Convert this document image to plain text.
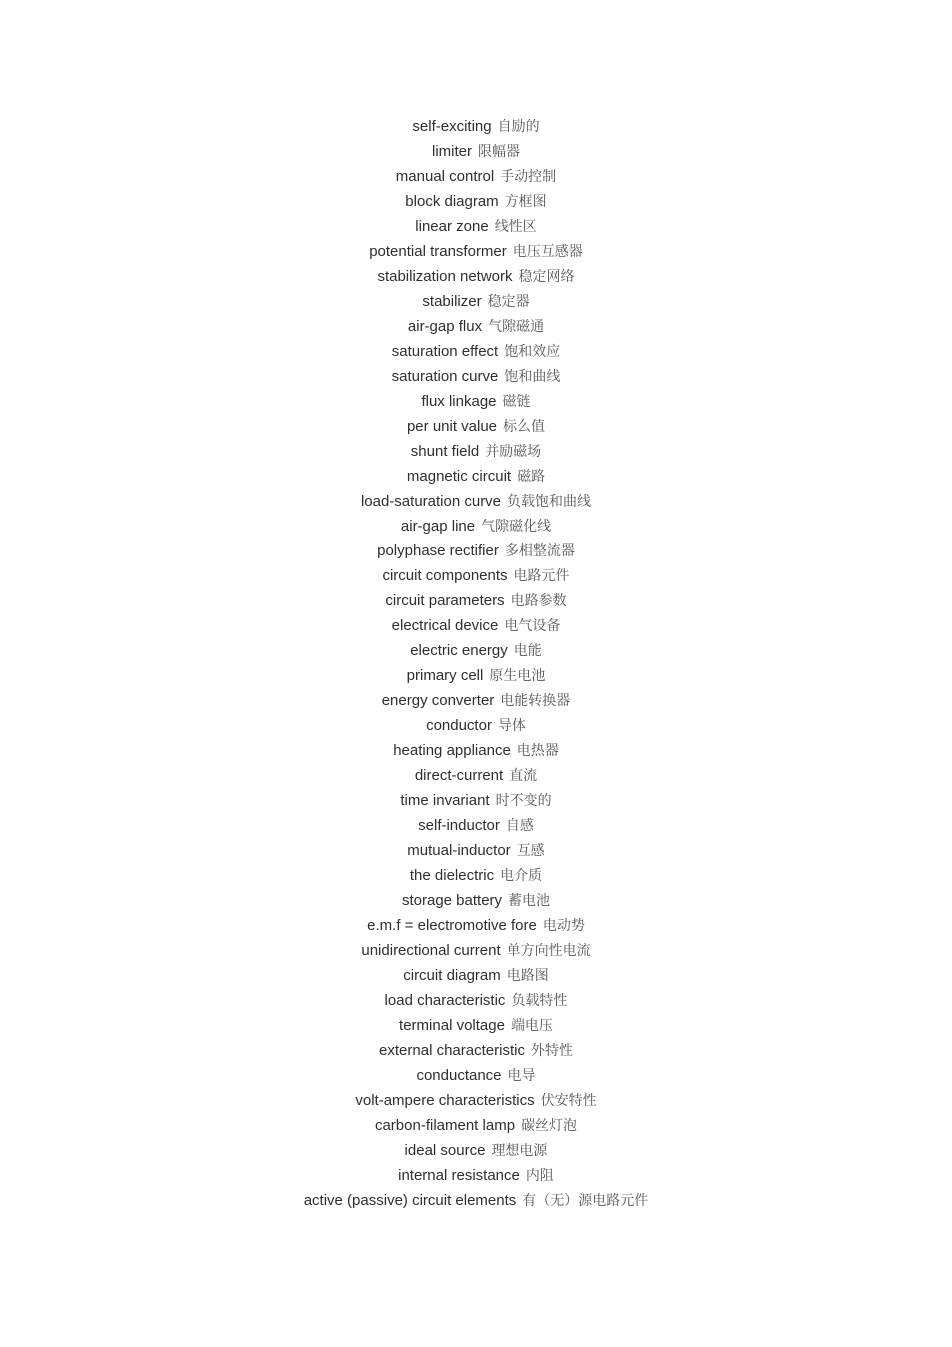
self-exciting 自励的
limiter 限幅器
manual control 手动控制
block diagram 方框图
linear zone 线性区
potential transformer 电压互感器
stabilization network 稳定网络
stabilizer 稳定器
air-gap flux 气隙磁通
saturation effect 饱和效应
saturation curve 饱和曲线
flux linkage 磁链
per unit value 标么值
shunt field 并励磁场
magnetic circuit 磁路
load-saturation curve 负载饱和曲线
air-gap line 气隙磁化线
polyphase rectifier 多相整流器
circuit components 电路元件
circuit parameters 电路参数
electrical device 电气设备
electric energy 电能
primary cell 原生电池
energy converter 电能转换器
conductor 导体
heating appliance 电热器
direct-current 直流
time invariant 时不变的
self-inductor 自感
mutual-inductor 互感
the dielectric 电介质
storage battery 蓄电池
e.m.f = electromotive fore 电动势
unidirectional current 单方向性电流
circuit diagram 电路图
load characteristic 负载特性
terminal voltage 端电压
external characteristic 外特性
conductance 电导
volt-ampere characteristics 伏安特性
carbon-filament lamp 碳丝灯泡
ideal source 理想电源
internal resistance 内阻
active (passive) circuit elements 有（无）源电路元件
